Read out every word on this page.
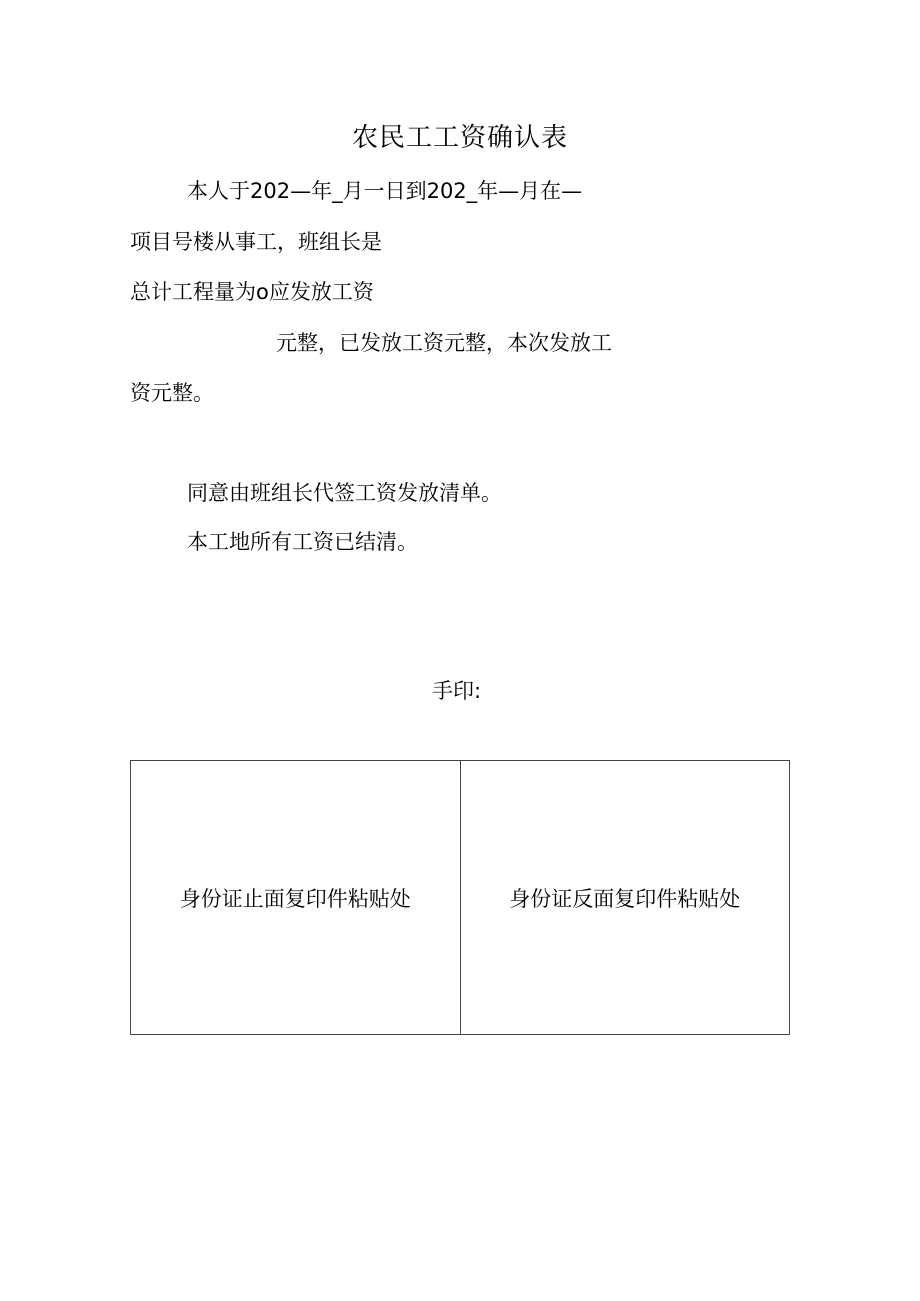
农民工工资确认表
本人于202—年_月一日到202_年—月在—
项目号楼从事工，班组长是
总计工程量为o应发放工资
元整，已发放工资元整，本次发放工
资元整。
同意由班组长代签工资发放清单。
本工地所有工资已结清。
手印:
身份证止面复印件粘贴处	身份证反面复印件粘贴处
